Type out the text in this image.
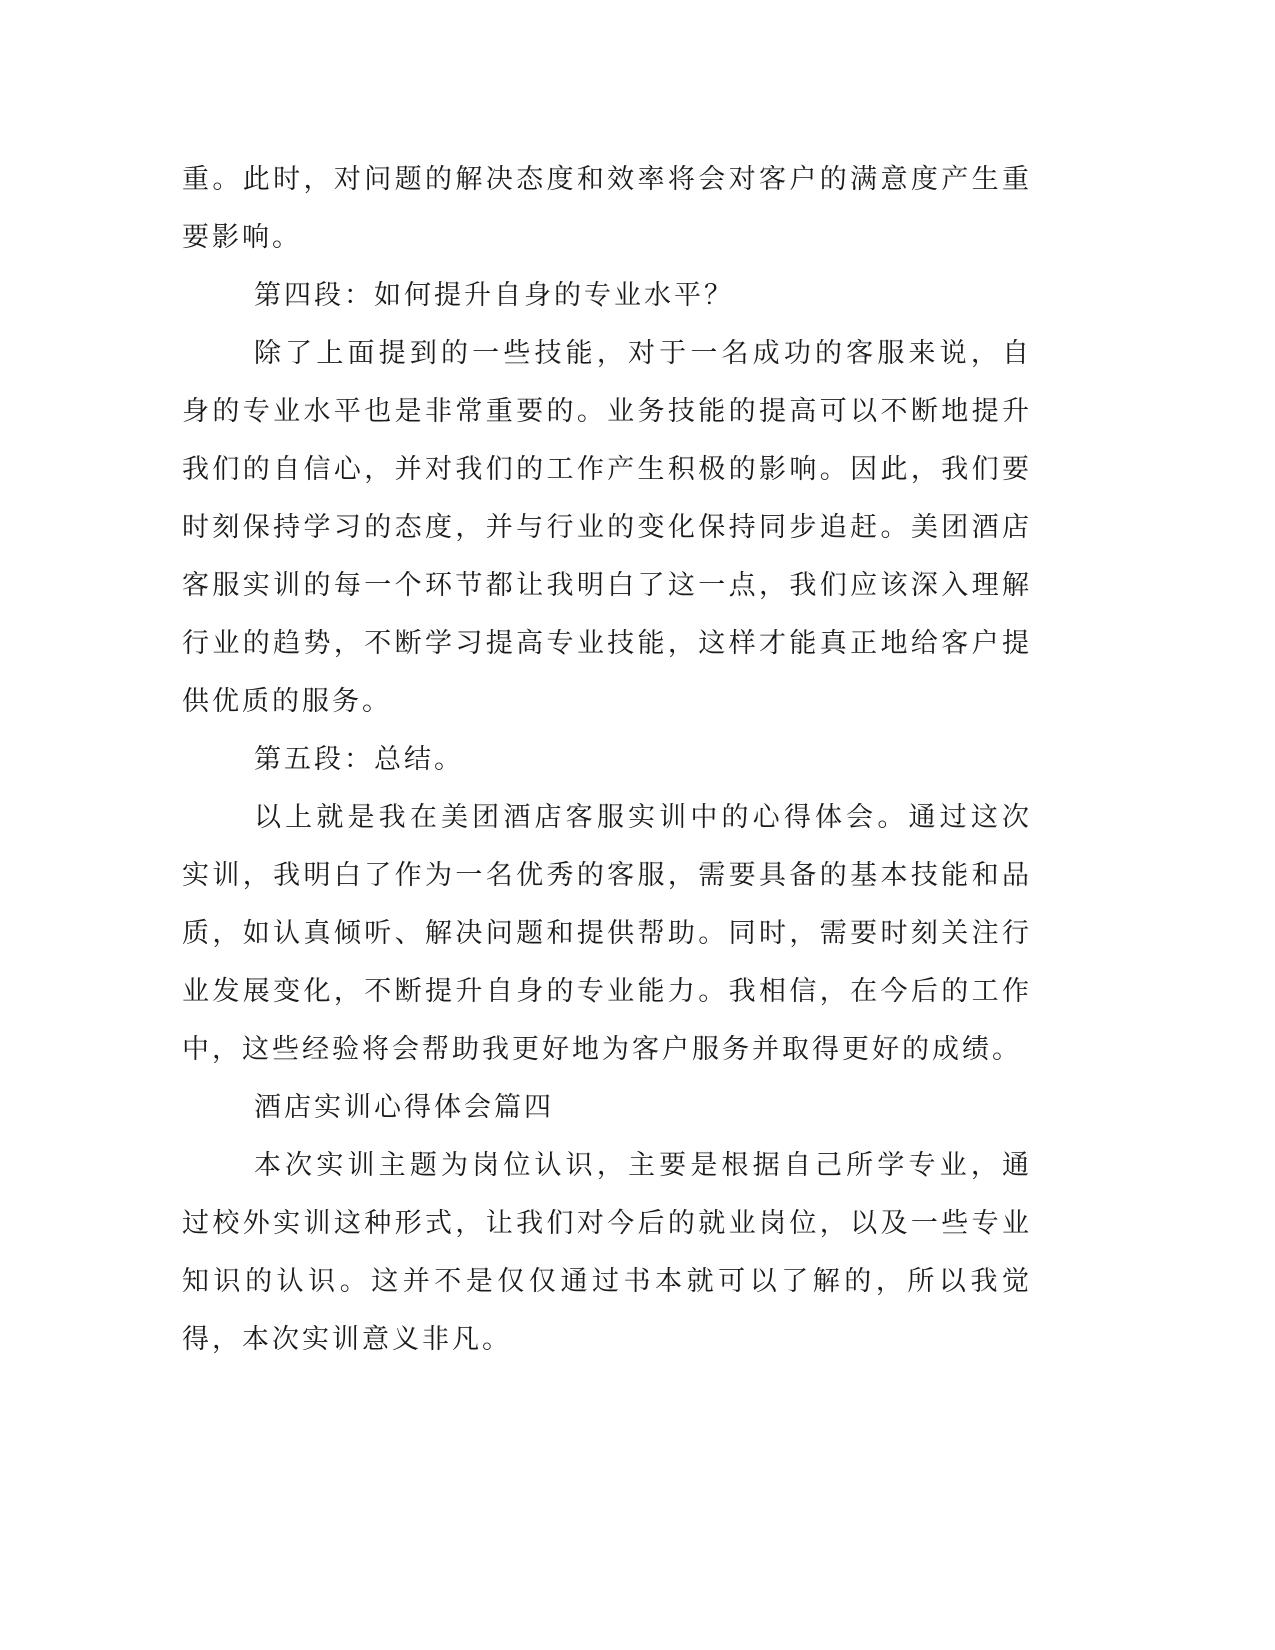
重。此时，对问题的解决态度和效率将会对客户的满意度产生重要影响。

第四段：如何提升自身的专业水平？

除了上面提到的一些技能，对于一名成功的客服来说，自身的专业水平也是非常重要的。业务技能的提高可以不断地提升我们的自信心，并对我们的工作产生积极的影响。因此，我们要时刻保持学习的态度，并与行业的变化保持同步追赶。美团酒店客服实训的每一个环节都让我明白了这一点，我们应该深入理解行业的趋势，不断学习提高专业技能，这样才能真正地给客户提供优质的服务。

第五段：总结。

以上就是我在美团酒店客服实训中的心得体会。通过这次实训，我明白了作为一名优秀的客服，需要具备的基本技能和品质，如认真倾听、解决问题和提供帮助。同时，需要时刻关注行业发展变化，不断提升自身的专业能力。我相信，在今后的工作中，这些经验将会帮助我更好地为客户服务并取得更好的成绩。

酒店实训心得体会篇四

本次实训主题为岗位认识，主要是根据自己所学专业，通过校外实训这种形式，让我们对今后的就业岗位，以及一些专业知识的认识。这并不是仅仅通过书本就可以了解的，所以我觉得，本次实训意义非凡。
